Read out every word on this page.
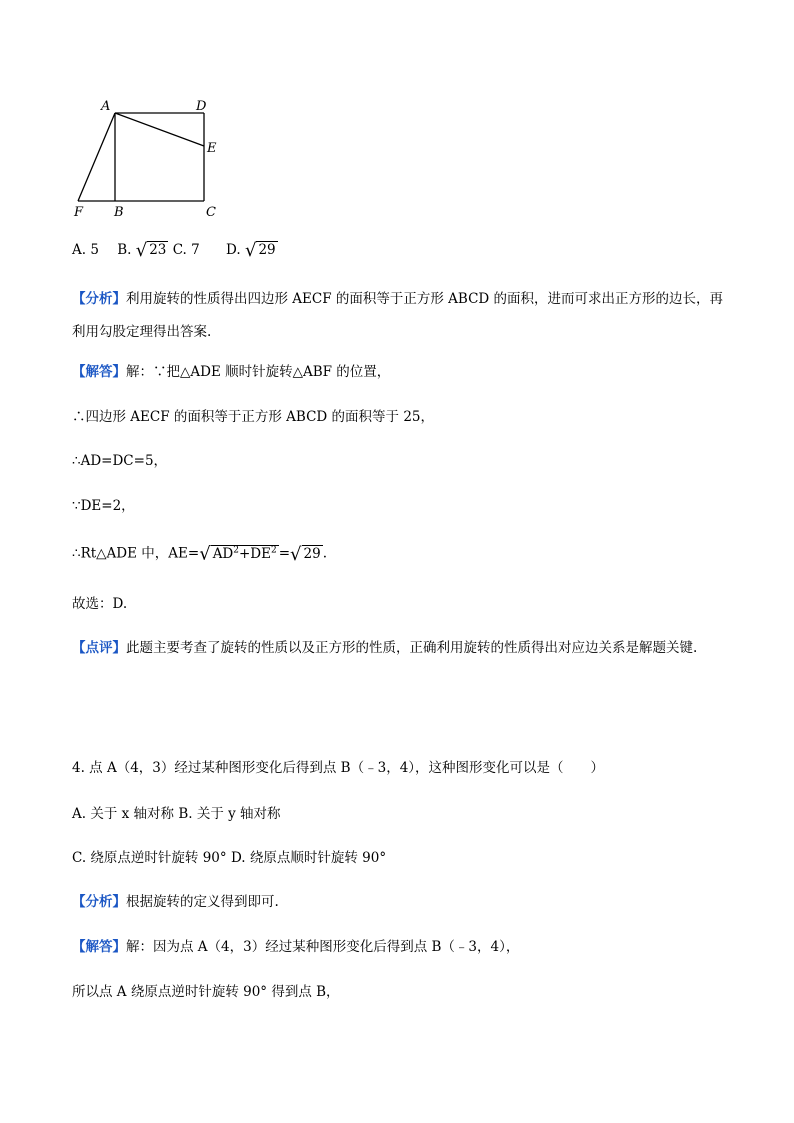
A	D
E
F B	C
A. 5 B. √ 23 C. 7 D. √ 29
【分析】利用旋转的性质得出四边形 AECF 的面积等于正方形 ABCD 的面积，进而可求出正方形的边长，再利用勾股定理得出答案.
【解答】解：∵把△ADE 顺时针旋转△ABF 的位置，
∴四边形 AECF 的面积等于正方形 ABCD 的面积等于 25，
∴AD=DC=5，
∵DE=2，
∴Rt△ADE 中，AE=√ $AD^2+DE^2$ =√ 29 .
故选：D.
【点评】此题主要考查了旋转的性质以及正方形的性质，正确利用旋转的性质得出对应边关系是解题关键.
4. 点 A（4，3）经过某种图形变化后得到点 B（﹣3，4），这种图形变化可以是（　　）
A. 关于 x 轴对称 B. 关于 y 轴对称
C. 绕原点逆时针旋转 90° D. 绕原点顺时针旋转 90°
【分析】根据旋转的定义得到即可.
【解答】解：因为点 A（4，3）经过某种图形变化后得到点 B（﹣3，4），
所以点 A 绕原点逆时针旋转 90° 得到点 B，
